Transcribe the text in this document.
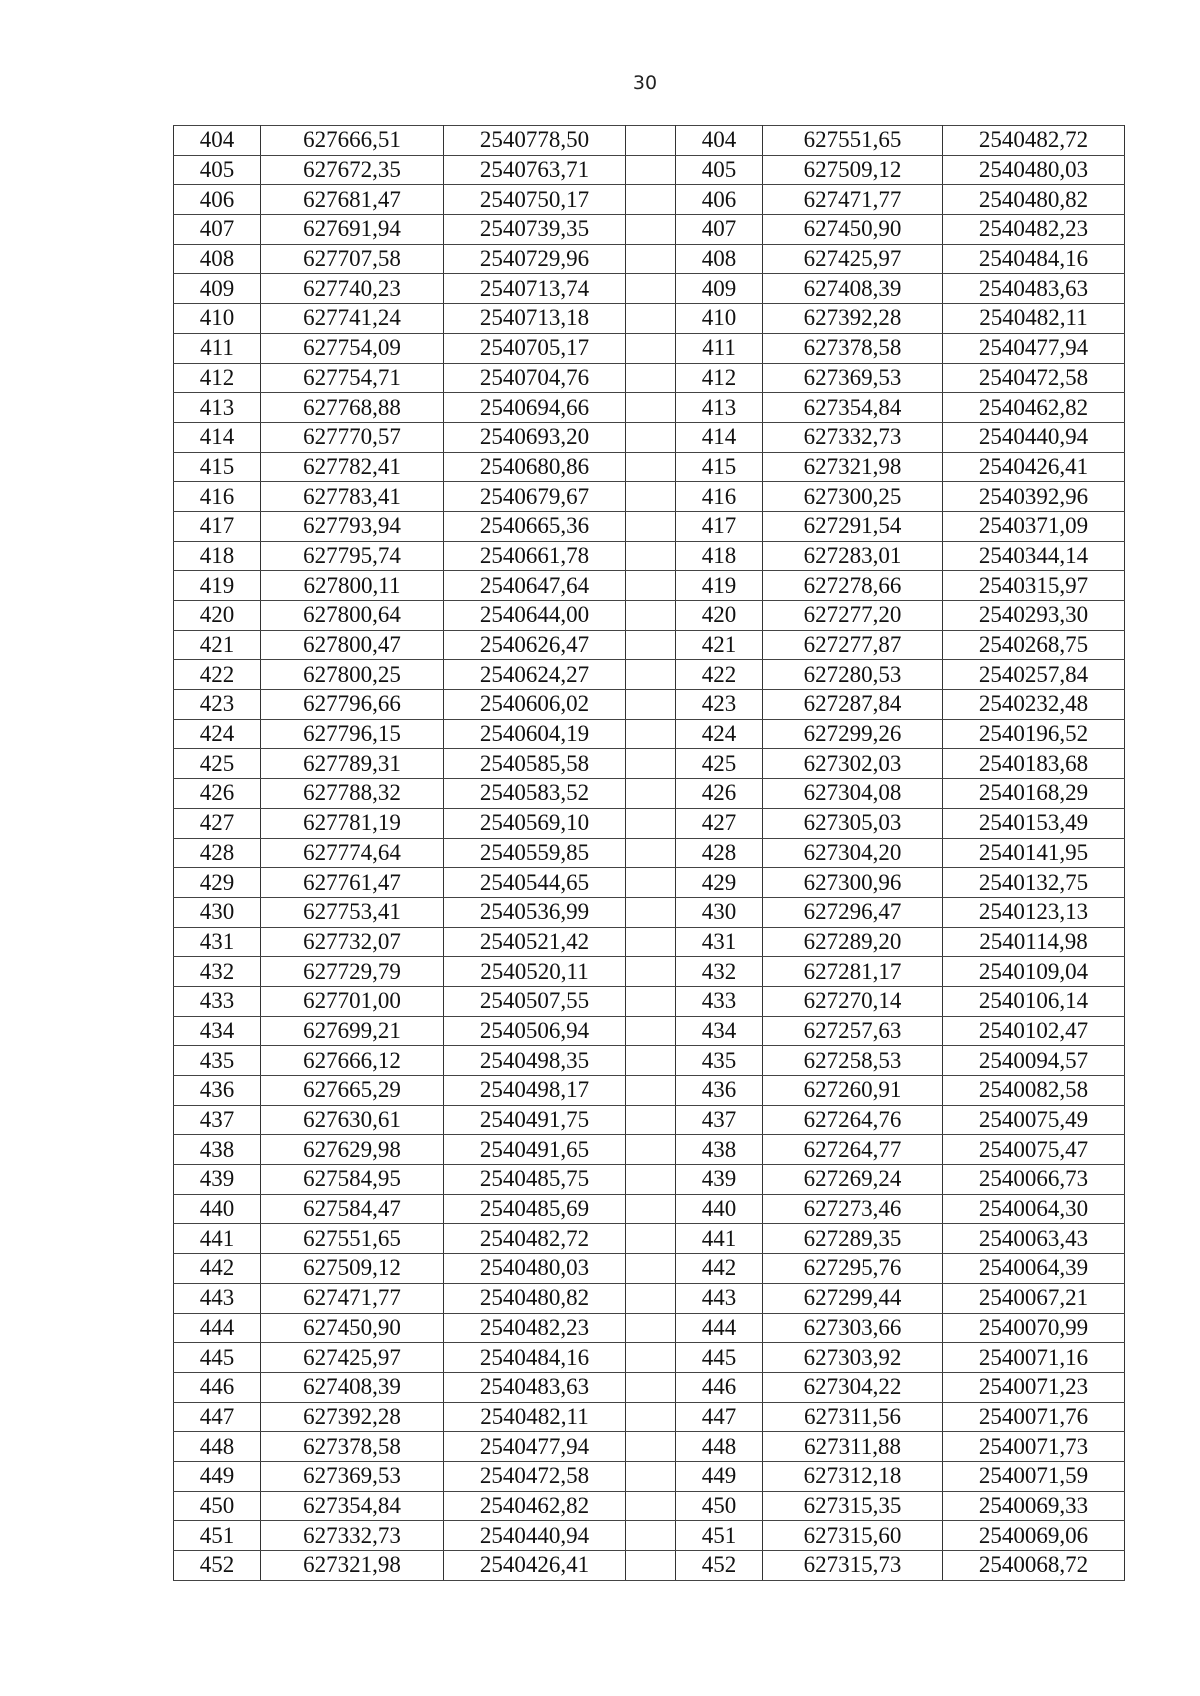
30
404	627666,51	2540778,50		404	627551,65	2540482,72
405	627672,35	2540763,71		405	627509,12	2540480,03
406	627681,47	2540750,17		406	627471,77	2540480,82
407	627691,94	2540739,35		407	627450,90	2540482,23
408	627707,58	2540729,96		408	627425,97	2540484,16
409	627740,23	2540713,74		409	627408,39	2540483,63
410	627741,24	2540713,18		410	627392,28	2540482,11
411	627754,09	2540705,17		411	627378,58	2540477,94
412	627754,71	2540704,76		412	627369,53	2540472,58
413	627768,88	2540694,66		413	627354,84	2540462,82
414	627770,57	2540693,20		414	627332,73	2540440,94
415	627782,41	2540680,86		415	627321,98	2540426,41
416	627783,41	2540679,67		416	627300,25	2540392,96
417	627793,94	2540665,36		417	627291,54	2540371,09
418	627795,74	2540661,78		418	627283,01	2540344,14
419	627800,11	2540647,64		419	627278,66	2540315,97
420	627800,64	2540644,00		420	627277,20	2540293,30
421	627800,47	2540626,47		421	627277,87	2540268,75
422	627800,25	2540624,27		422	627280,53	2540257,84
423	627796,66	2540606,02		423	627287,84	2540232,48
424	627796,15	2540604,19		424	627299,26	2540196,52
425	627789,31	2540585,58		425	627302,03	2540183,68
426	627788,32	2540583,52		426	627304,08	2540168,29
427	627781,19	2540569,10		427	627305,03	2540153,49
428	627774,64	2540559,85		428	627304,20	2540141,95
429	627761,47	2540544,65		429	627300,96	2540132,75
430	627753,41	2540536,99		430	627296,47	2540123,13
431	627732,07	2540521,42		431	627289,20	2540114,98
432	627729,79	2540520,11		432	627281,17	2540109,04
433	627701,00	2540507,55		433	627270,14	2540106,14
434	627699,21	2540506,94		434	627257,63	2540102,47
435	627666,12	2540498,35		435	627258,53	2540094,57
436	627665,29	2540498,17		436	627260,91	2540082,58
437	627630,61	2540491,75		437	627264,76	2540075,49
438	627629,98	2540491,65		438	627264,77	2540075,47
439	627584,95	2540485,75		439	627269,24	2540066,73
440	627584,47	2540485,69		440	627273,46	2540064,30
441	627551,65	2540482,72		441	627289,35	2540063,43
442	627509,12	2540480,03		442	627295,76	2540064,39
443	627471,77	2540480,82		443	627299,44	2540067,21
444	627450,90	2540482,23		444	627303,66	2540070,99
445	627425,97	2540484,16		445	627303,92	2540071,16
446	627408,39	2540483,63		446	627304,22	2540071,23
447	627392,28	2540482,11		447	627311,56	2540071,76
448	627378,58	2540477,94		448	627311,88	2540071,73
449	627369,53	2540472,58		449	627312,18	2540071,59
450	627354,84	2540462,82		450	627315,35	2540069,33
451	627332,73	2540440,94		451	627315,60	2540069,06
452	627321,98	2540426,41		452	627315,73	2540068,72
